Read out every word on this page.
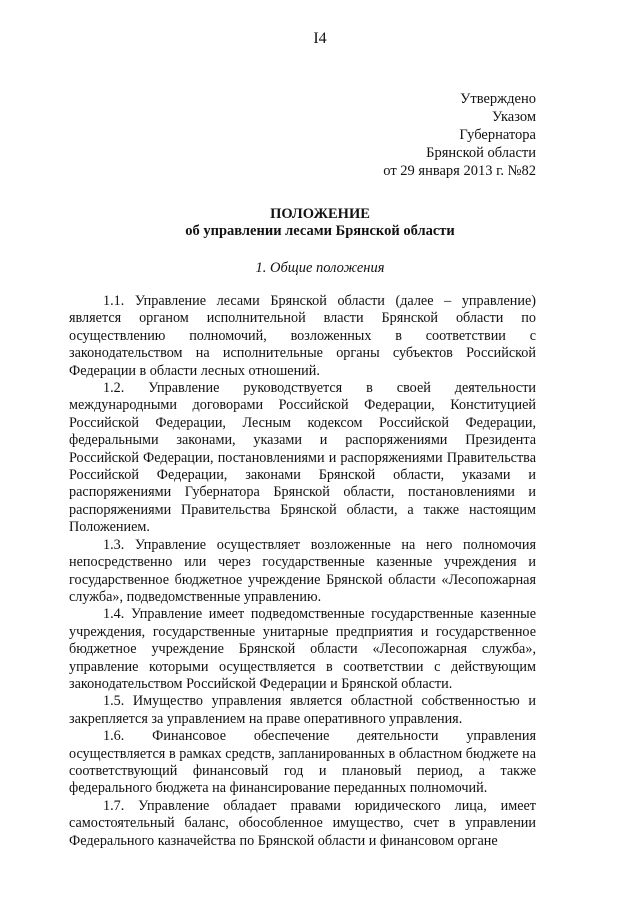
I4
Утверждено
Указом
Губернатора
Брянской области
от 29 января 2013 г. №82
ПОЛОЖЕНИЕ
об управлении лесами Брянской области
1. Общие положения

1.1. Управление лесами Брянской области (далее – управление) является органом исполнительной власти Брянской области по осуществлению полномочий, возложенных в соответствии с законодательством на исполнительные органы субъектов Российской Федерации в области лесных отношений.

1.2. Управление руководствуется в своей деятельности международными договорами Российской Федерации, Конституцией Российской Федерации, Лесным кодексом Российской Федерации, федеральными законами, указами и распоряжениями Президента Российской Федерации, постановлениями и распоряжениями Правительства Российской Федерации, законами Брянской области, указами и распоряжениями Губернатора Брянской области, постановлениями и распоряжениями Правительства Брянской области, а также настоящим Положением.

1.3. Управление осуществляет возложенные на него полномочия непосредственно или через государственные казенные учреждения и государственное бюджетное учреждение Брянской области «Лесопожарная служба», подведомственные управлению.

1.4. Управление имеет подведомственные государственные казенные учреждения, государственные унитарные предприятия и государственное бюджетное учреждение Брянской области «Лесопожарная служба», управление которыми осуществляется в соответствии с действующим законодательством Российской Федерации и Брянской области.

1.5. Имущество управления является областной собственностью и закрепляется за управлением на праве оперативного управления.

1.6. Финансовое обеспечение деятельности управления осуществляется в рамках средств, запланированных в областном бюджете на соответствующий финансовый год и плановый период, а также федерального бюджета на финансирование переданных полномочий.

1.7. Управление обладает правами юридического лица, имеет самостоятельный баланс, обособленное имущество, счет в управлении Федерального казначейства по Брянской области и финансовом органе
